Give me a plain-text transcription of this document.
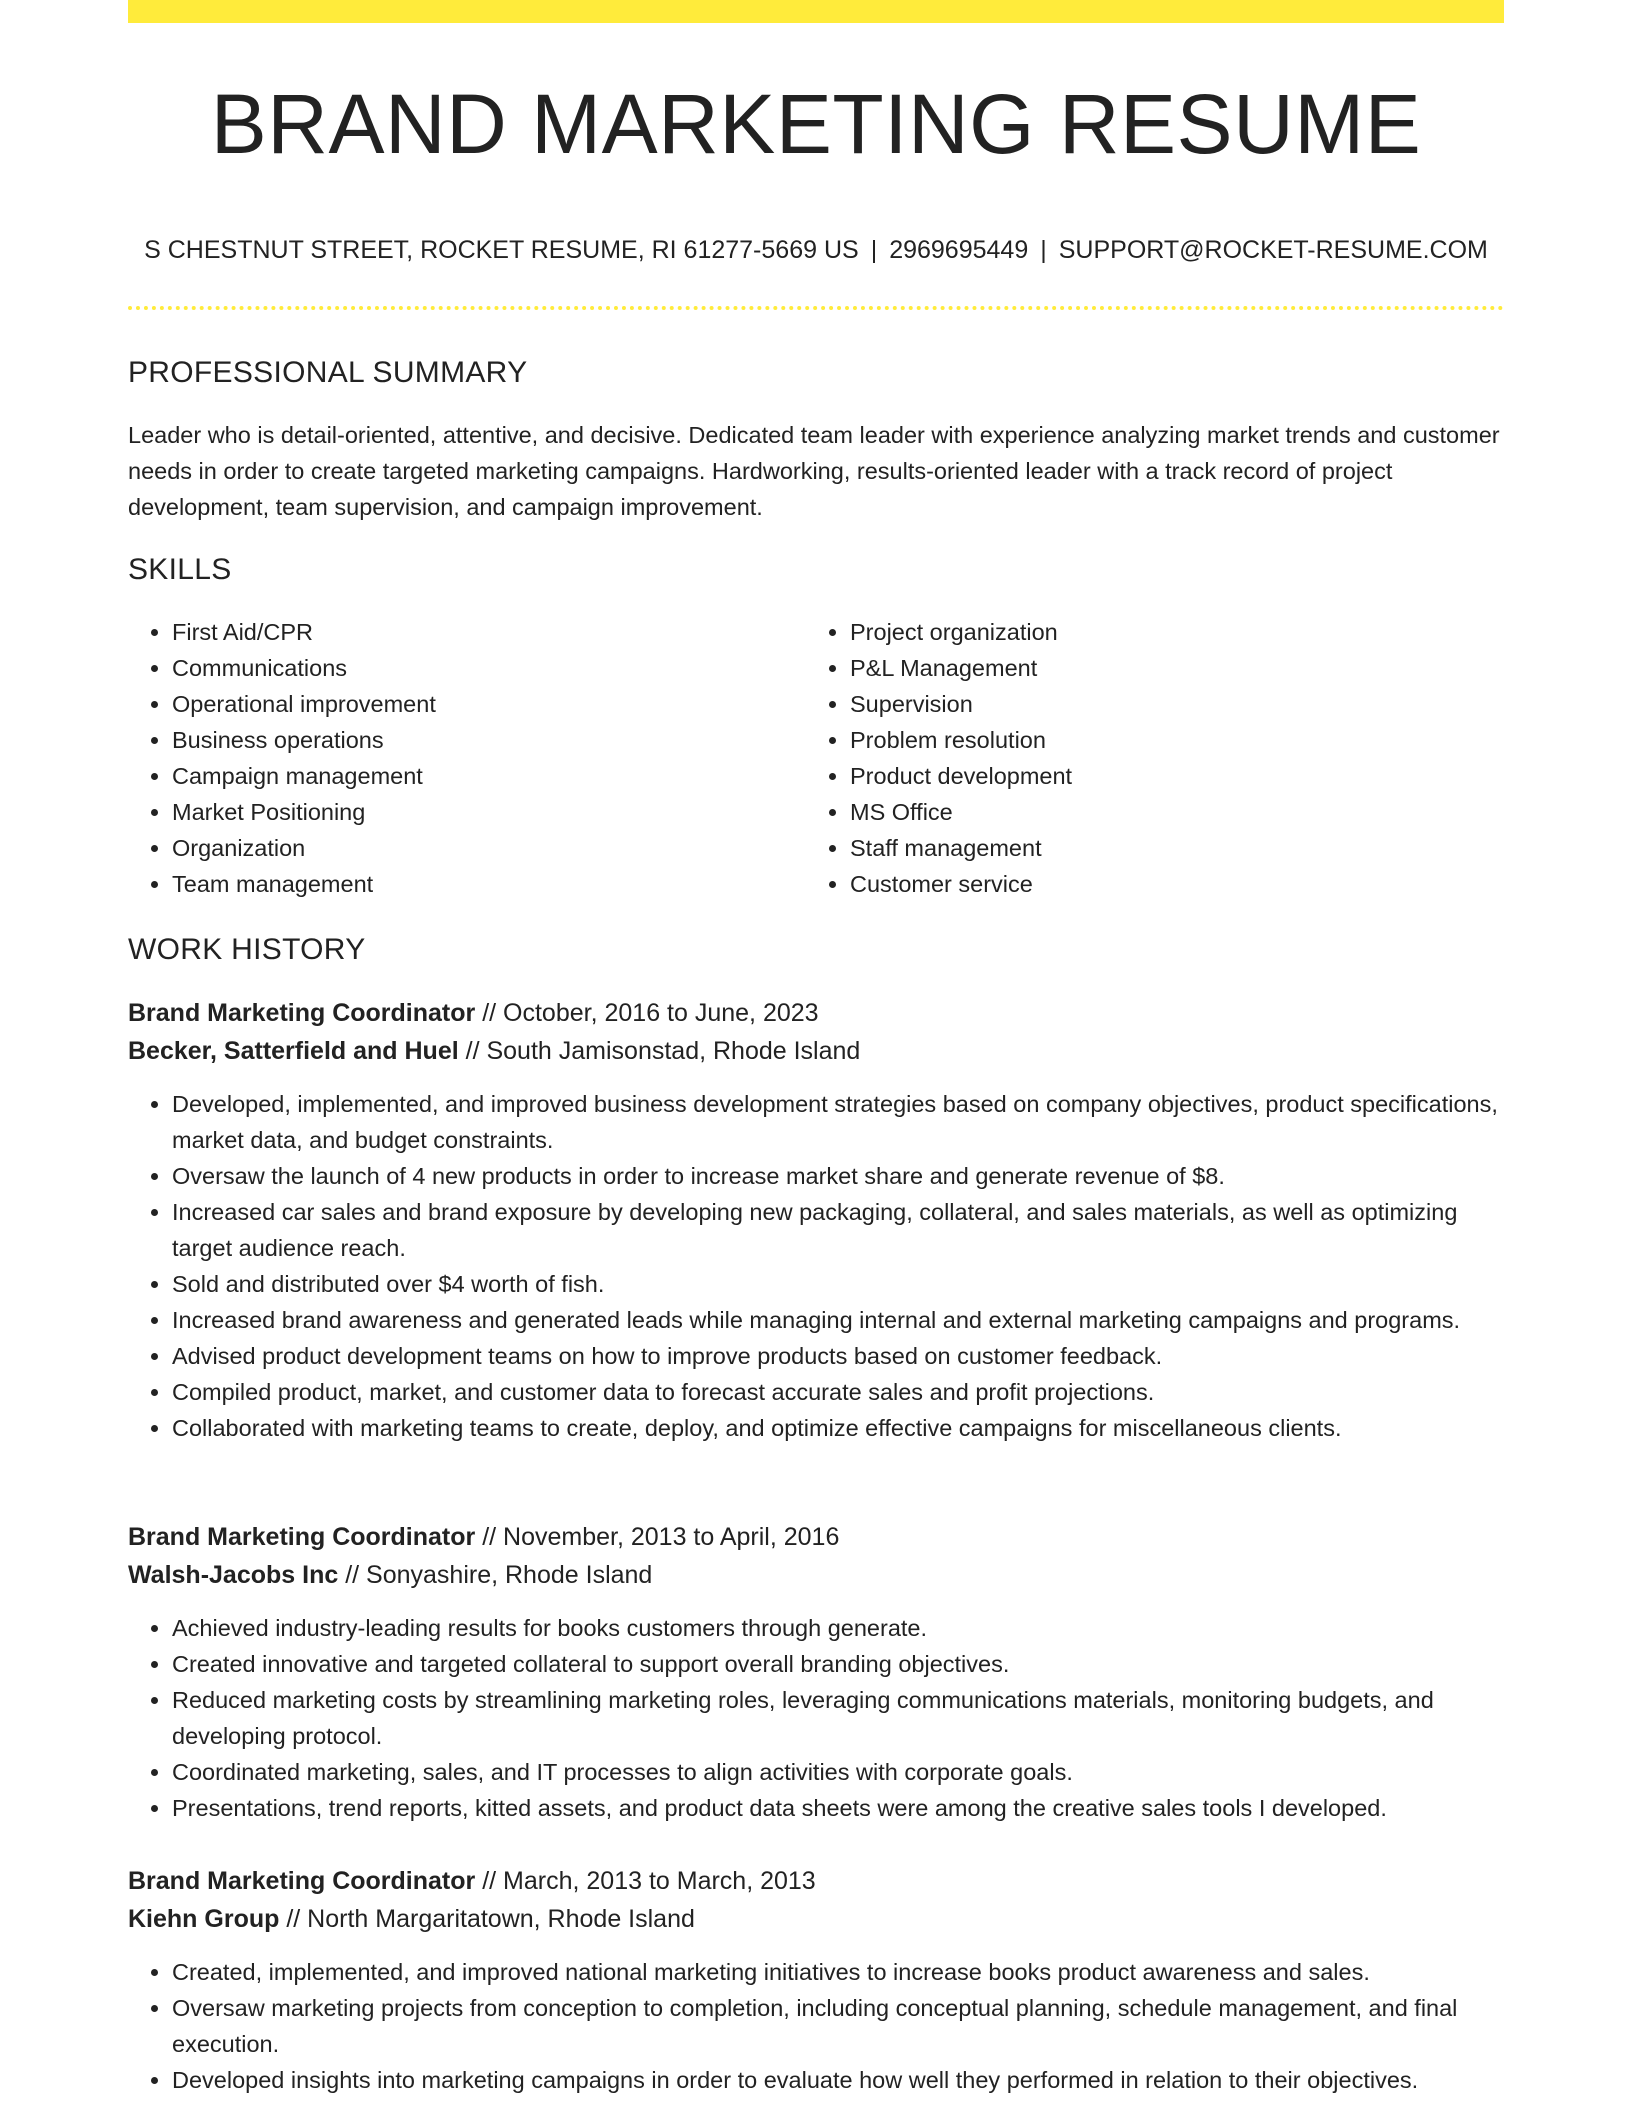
BRAND MARKETING RESUME
S CHESTNUT STREET, ROCKET RESUME, RI 61277-5669 US | 2969695449 | SUPPORT@ROCKET-RESUME.COM
PROFESSIONAL SUMMARY
Leader who is detail-oriented, attentive, and decisive. Dedicated team leader with experience analyzing market trends and customer needs in order to create targeted marketing campaigns. Hardworking, results-oriented leader with a track record of project development, team supervision, and campaign improvement.
SKILLS
• First Aid/CPR
• Communications
• Operational improvement
• Business operations
• Campaign management
• Market Positioning
• Organization
• Team management
• Project organization
• P&L Management
• Supervision
• Problem resolution
• Product development
• MS Office
• Staff management
• Customer service
WORK HISTORY
Brand Marketing Coordinator // October, 2016 to June, 2023
Becker, Satterfield and Huel // South Jamisonstad, Rhode Island
• Developed, implemented, and improved business development strategies based on company objectives, product specifications, market data, and budget constraints.
• Oversaw the launch of 4 new products in order to increase market share and generate revenue of $8.
• Increased car sales and brand exposure by developing new packaging, collateral, and sales materials, as well as optimizing target audience reach.
• Sold and distributed over $4 worth of fish.
• Increased brand awareness and generated leads while managing internal and external marketing campaigns and programs.
• Advised product development teams on how to improve products based on customer feedback.
• Compiled product, market, and customer data to forecast accurate sales and profit projections.
• Collaborated with marketing teams to create, deploy, and optimize effective campaigns for miscellaneous clients.
Brand Marketing Coordinator // November, 2013 to April, 2016
Walsh-Jacobs Inc // Sonyashire, Rhode Island
• Achieved industry-leading results for books customers through generate.
• Created innovative and targeted collateral to support overall branding objectives.
• Reduced marketing costs by streamlining marketing roles, leveraging communications materials, monitoring budgets, and developing protocol.
• Coordinated marketing, sales, and IT processes to align activities with corporate goals.
• Presentations, trend reports, kitted assets, and product data sheets were among the creative sales tools I developed.
Brand Marketing Coordinator // March, 2013 to March, 2013
Kiehn Group // North Margaritatown, Rhode Island
• Created, implemented, and improved national marketing initiatives to increase books product awareness and sales.
• Oversaw marketing projects from conception to completion, including conceptual planning, schedule management, and final execution.
• Developed insights into marketing campaigns in order to evaluate how well they performed in relation to their objectives.
